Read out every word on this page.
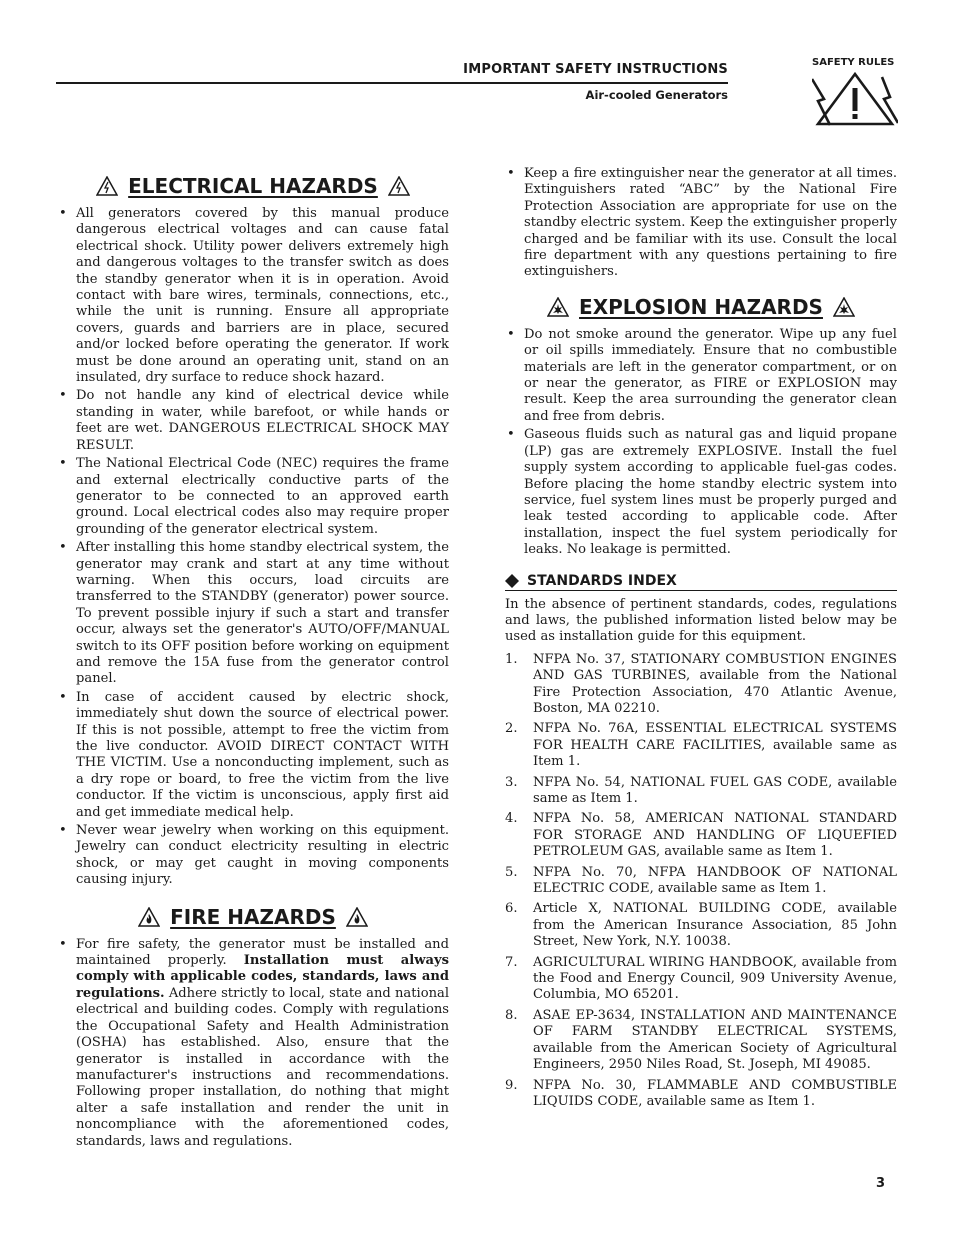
IMPORTANT SAFETY INSTRUCTIONS
Air-cooled Generators
SAFETY RULES
ELECTRICAL HAZARDS
• All generators covered by this manual produce dangerous electrical voltages and can cause fatal electrical shock. Utility power delivers extremely high and dangerous voltages to the transfer switch as does the standby generator when it is in operation. Avoid contact with bare wires, terminals, connections, etc., while the unit is running. Ensure all appropriate covers, guards and barriers are in place, secured and/or locked before operating the generator. If work must be done around an operating unit, stand on an insulated, dry surface to reduce shock hazard.
• Do not handle any kind of electrical device while standing in water, while barefoot, or while hands or feet are wet. DANGEROUS ELECTRICAL SHOCK MAY RESULT.
• The National Electrical Code (NEC) requires the frame and external electrically conductive parts of the generator to be connected to an approved earth ground. Local electrical codes also may require proper grounding of the generator electrical system.
• After installing this home standby electrical system, the generator may crank and start at any time without warning. When this occurs, load circuits are transferred to the STANDBY (generator) power source. To prevent possible injury if such a start and transfer occur, always set the generator's AUTO/OFF/MANUAL switch to its OFF position before working on equipment and remove the 15A fuse from the generator control panel.
• In case of accident caused by electric shock, immediately shut down the source of electrical power. If this is not possible, attempt to free the victim from the live conductor. AVOID DIRECT CONTACT WITH THE VICTIM. Use a nonconducting implement, such as a dry rope or board, to free the victim from the live conductor. If the victim is unconscious, apply first aid and get immediate medical help.
• Never wear jewelry when working on this equipment. Jewelry can conduct electricity resulting in electric shock, or may get caught in moving components causing injury.
FIRE HAZARDS
• For fire safety, the generator must be installed and maintained properly. Installation must always comply with applicable codes, standards, laws and regulations. Adhere strictly to local, state and national electrical and building codes. Comply with regulations the Occupational Safety and Health Administration (OSHA) has established. Also, ensure that the generator is installed in accordance with the manufacturer's instructions and recommendations. Following proper installation, do nothing that might alter a safe installation and render the unit in noncompliance with the aforementioned codes, standards, laws and regulations.
• Keep a fire extinguisher near the generator at all times. Extinguishers rated “ABC” by the National Fire Protection Association are appropriate for use on the standby electric system. Keep the extinguisher properly charged and be familiar with its use. Consult the local fire department with any questions pertaining to fire extinguishers.
EXPLOSION HAZARDS
• Do not smoke around the generator. Wipe up any fuel or oil spills immediately. Ensure that no combustible materials are left in the generator compartment, or on or near the generator, as FIRE or EXPLOSION may result. Keep the area surrounding the generator clean and free from debris.
• Gaseous fluids such as natural gas and liquid propane (LP) gas are extremely EXPLOSIVE. Install the fuel supply system according to applicable fuel-gas codes. Before placing the home standby electric system into service, fuel system lines must be properly purged and leak tested according to applicable code. After installation, inspect the fuel system periodically for leaks. No leakage is permitted.
STANDARDS INDEX

In the absence of pertinent standards, codes, regulations and laws, the published information listed below may be used as installation guide for this equipment.

1. NFPA No. 37, STATIONARY COMBUSTION ENGINES AND GAS TURBINES, available from the National Fire Protection Association, 470 Atlantic Avenue, Boston, MA 02210.
2. NFPA No. 76A, ESSENTIAL ELECTRICAL SYSTEMS FOR HEALTH CARE FACILITIES, available same as Item 1.
3. NFPA No. 54, NATIONAL FUEL GAS CODE, available same as Item 1.
4. NFPA No. 58, AMERICAN NATIONAL STANDARD FOR STORAGE AND HANDLING OF LIQUEFIED PETROLEUM GAS, available same as Item 1.
5. NFPA No. 70, NFPA HANDBOOK OF NATIONAL ELECTRIC CODE, available same as Item 1.
6. Article X, NATIONAL BUILDING CODE, available from the American Insurance Association, 85 John Street, New York, N.Y. 10038.
7. AGRICULTURAL WIRING HANDBOOK, available from the Food and Energy Council, 909 University Avenue, Columbia, MO 65201.
8. ASAE EP-3634, INSTALLATION AND MAINTENANCE OF FARM STANDBY ELECTRICAL SYSTEMS, available from the American Society of Agricultural Engineers, 2950 Niles Road, St. Joseph, MI 49085.
9. NFPA No. 30, FLAMMABLE AND COMBUSTIBLE LIQUIDS CODE, available same as Item 1.
3
